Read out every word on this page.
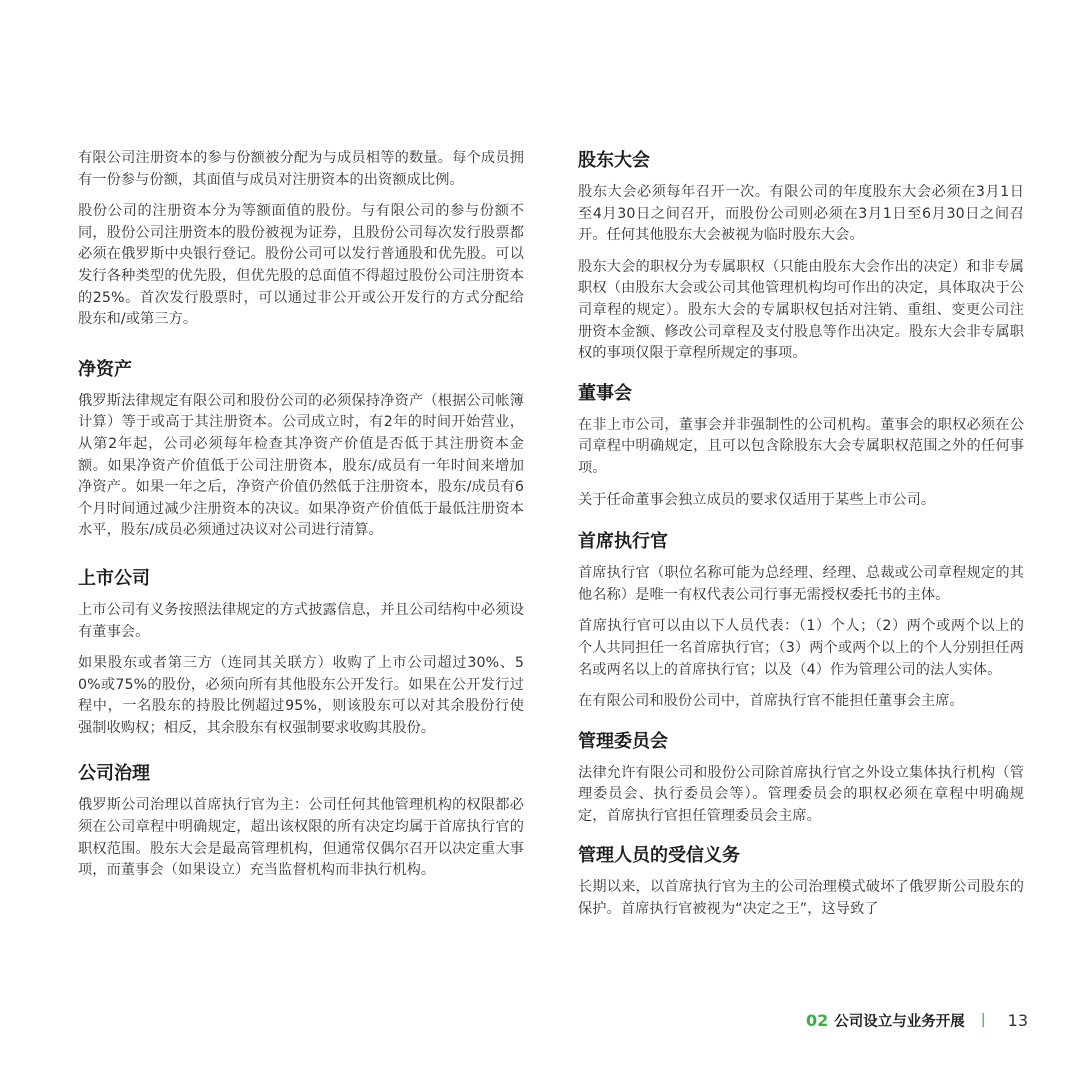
有限公司注册资本的参与份额被分配为与成员相等的数量。每个成员拥有一份参与份额，其面值与成员对注册资本的出资额成比例。

股份公司的注册资本分为等额面值的股份。与有限公司的参与份额不同，股份公司注册资本的股份被视为证券，且股份公司每次发行股票都必须在俄罗斯中央银行登记。股份公司可以发行普通股和优先股。可以发行各种类型的优先股，但优先股的总面值不得超过股份公司注册资本的25%。首次发行股票时，可以通过非公开或公开发行的方式分配给股东和/或第三方。

净资产

俄罗斯法律规定有限公司和股份公司的必须保持净资产（根据公司帐簿计算）等于或高于其注册资本。公司成立时，有2年的时间开始营业，从第2年起，公司必须每年检查其净资产价值是否低于其注册资本金额。如果净资产价值低于公司注册资本，股东/成员有一年时间来增加净资产。如果一年之后，净资产价值仍然低于注册资本，股东/成员有6个月时间通过减少注册资本的决议。如果净资产价值低于最低注册资本水平，股东/成员必须通过决议对公司进行清算。

上市公司

上市公司有义务按照法律规定的方式披露信息，并且公司结构中必须设有董事会。

如果股东或者第三方（连同其关联方）收购了上市公司超过30%、50%或75%的股份，必须向所有其他股东公开发行。如果在公开发行过程中，一名股东的持股比例超过95%，则该股东可以对其余股份行使强制收购权；相反，其余股东有权强制要求收购其股份。

公司治理

俄罗斯公司治理以首席执行官为主：公司任何其他管理机构的权限都必须在公司章程中明确规定，超出该权限的所有决定均属于首席执行官的职权范围。股东大会是最高管理机构，但通常仅偶尔召开以决定重大事项，而董事会（如果设立）充当监督机构而非执行机构。

股东大会

股东大会必须每年召开一次。有限公司的年度股东大会必须在3月1日至4月30日之间召开，而股份公司则必须在3月1日至6月30日之间召开。任何其他股东大会被视为临时股东大会。

股东大会的职权分为专属职权（只能由股东大会作出的决定）和非专属职权（由股东大会或公司其他管理机构均可作出的决定，具体取决于公司章程的规定）。股东大会的专属职权包括对注销、重组、变更公司注册资本金额、修改公司章程及支付股息等作出决定。股东大会非专属职权的事项仅限于章程所规定的事项。

董事会

在非上市公司，董事会并非强制性的公司机构。董事会的职权必须在公司章程中明确规定，且可以包含除股东大会专属职权范围之外的任何事项。

关于任命董事会独立成员的要求仅适用于某些上市公司。

首席执行官

首席执行官（职位名称可能为总经理、经理、总裁或公司章程规定的其他名称）是唯一有权代表公司行事无需授权委托书的主体。

首席执行官可以由以下人员代表：（1）个人；（2）两个或两个以上的个人共同担任一名首席执行官；（3）两个或两个以上的个人分别担任两名或两名以上的首席执行官；以及（4）作为管理公司的法人实体。

在有限公司和股份公司中，首席执行官不能担任董事会主席。

管理委员会

法律允许有限公司和股份公司除首席执行官之外设立集体执行机构（管理委员会、执行委员会等）。管理委员会的职权必须在章程中明确规定，首席执行官担任管理委员会主席。

管理人员的受信义务

长期以来，以首席执行官为主的公司治理模式破坏了俄罗斯公司股东的保护。首席执行官被视为“决定之王”，这导致了

02 公司设立与业务开展 | 13
